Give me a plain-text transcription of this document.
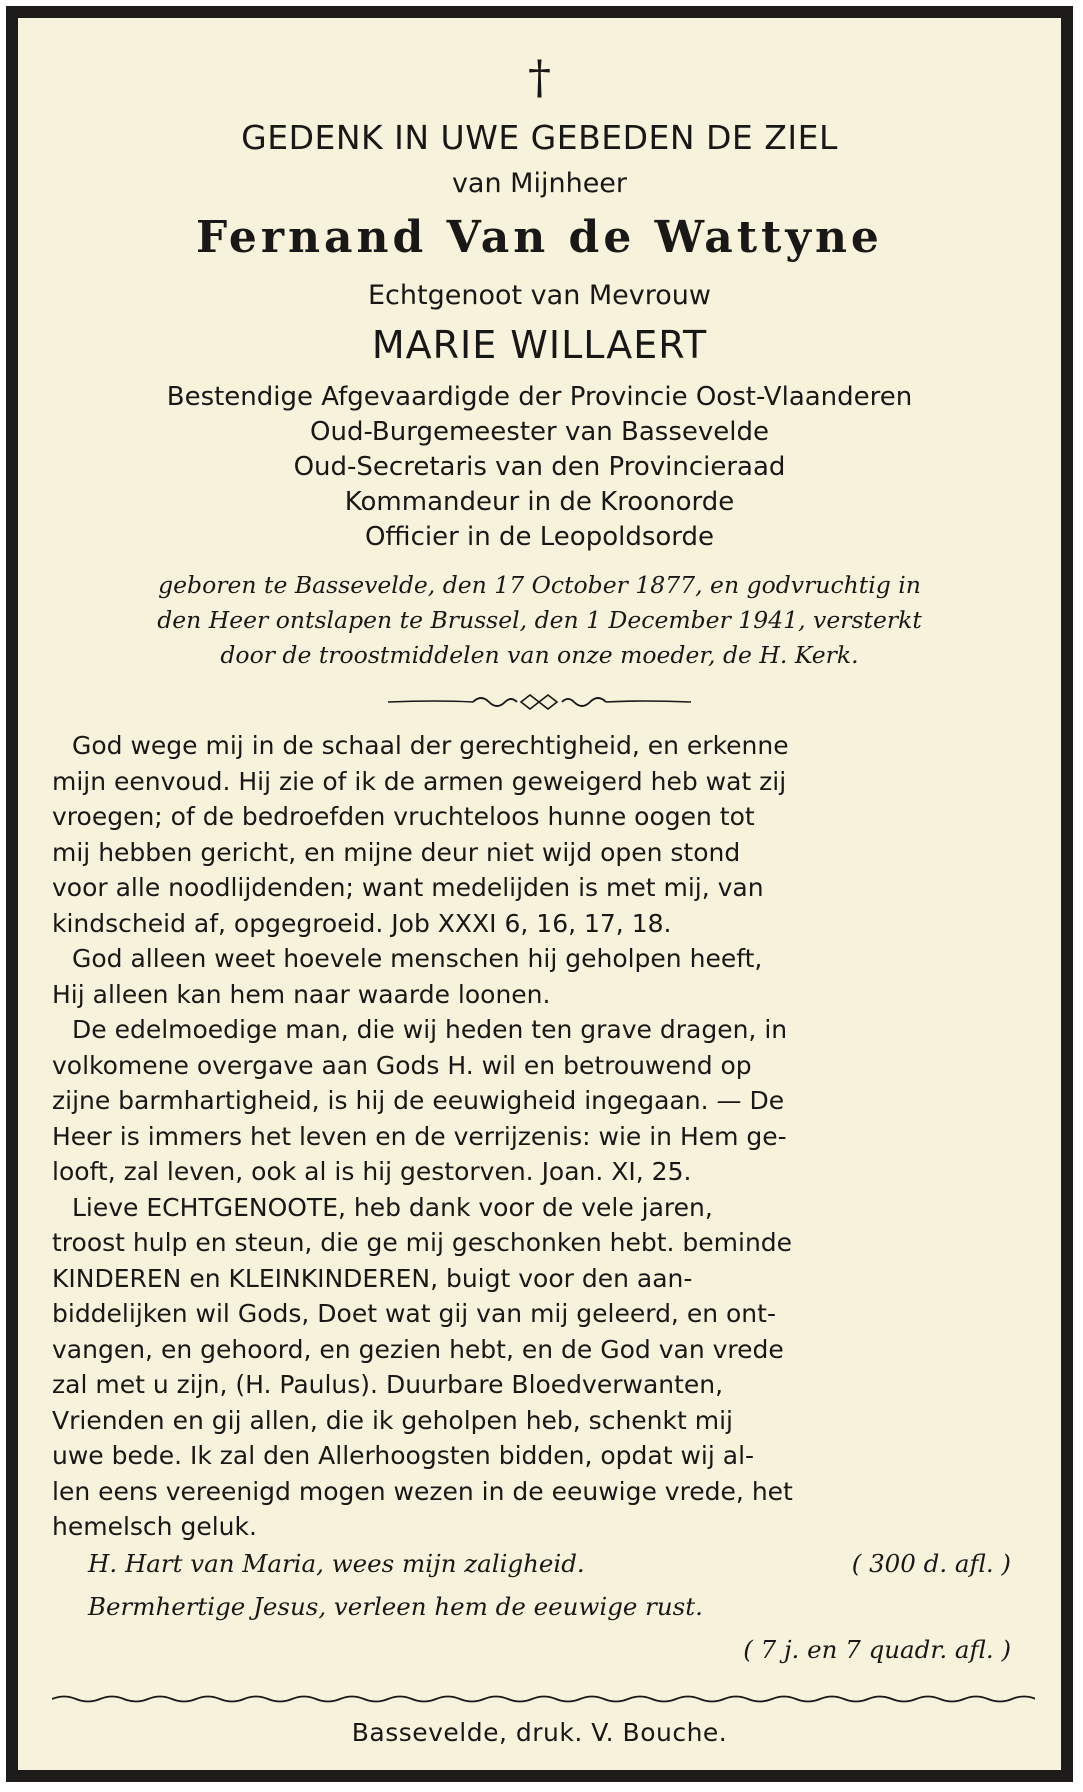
†
GEDENK IN UWE GEBEDEN DE ZIEL
van Mijnheer
Fernand Van de Wattyne
Echtgenoot van Mevrouw
MARIE WILLAERT
Bestendige Afgevaardigde der Provincie Oost-Vlaanderen
Oud-Burgemeester van Bassevelde
Oud-Secretaris van den Provincieraad
Kommandeur in de Kroonorde
Officier in de Leopoldsorde
geboren te Bassevelde, den 17 October 1877, en godvruchtig in
den Heer ontslapen te Brussel, den 1 December 1941, versterkt
door de troostmiddelen van onze moeder, de H. Kerk.
God wege mij in de schaal der gerechtigheid, en erkenne
mijn eenvoud. Hij zie of ik de armen geweigerd heb wat zij
vroegen; of de bedroefden vruchteloos hunne oogen tot
mij hebben gericht, en mijne deur niet wijd open stond
voor alle noodlijdenden; want medelijden is met mij, van
kindscheid af, opgegroeid. Job XXXI 6, 16, 17, 18.
God alleen weet hoevele menschen hij geholpen heeft,
Hij alleen kan hem naar waarde loonen.
De edelmoedige man, die wij heden ten grave dragen, in
volkomene overgave aan Gods H. wil en betrouwend op
zijne barmhartigheid, is hij de eeuwigheid ingegaan. — De
Heer is immers het leven en de verrijzenis: wie in Hem ge-
looft, zal leven, ook al is hij gestorven. Joan. XI, 25.
Lieve ECHTGENOOTE, heb dank voor de vele jaren,
troost hulp en steun, die ge mij geschonken hebt. beminde
KINDEREN en KLEINKINDEREN, buigt voor den aan-
biddelijken wil Gods, Doet wat gij van mij geleerd, en ont-
vangen, en gehoord, en gezien hebt, en de God van vrede
zal met u zijn, (H. Paulus). Duurbare Bloedverwanten,
Vrienden en gij allen, die ik geholpen heb, schenkt mij
uwe bede. Ik zal den Allerhoogsten bidden, opdat wij al-
len eens vereenigd mogen wezen in de eeuwige vrede, het
hemelsch geluk.
H. Hart van Maria, wees mijn zaligheid.	( 300 d. afl. )
Bermhertige Jesus, verleen hem de eeuwige rust.
( 7 j. en 7 quadr. afl. )
Bassevelde, druk. V. Bouche.
